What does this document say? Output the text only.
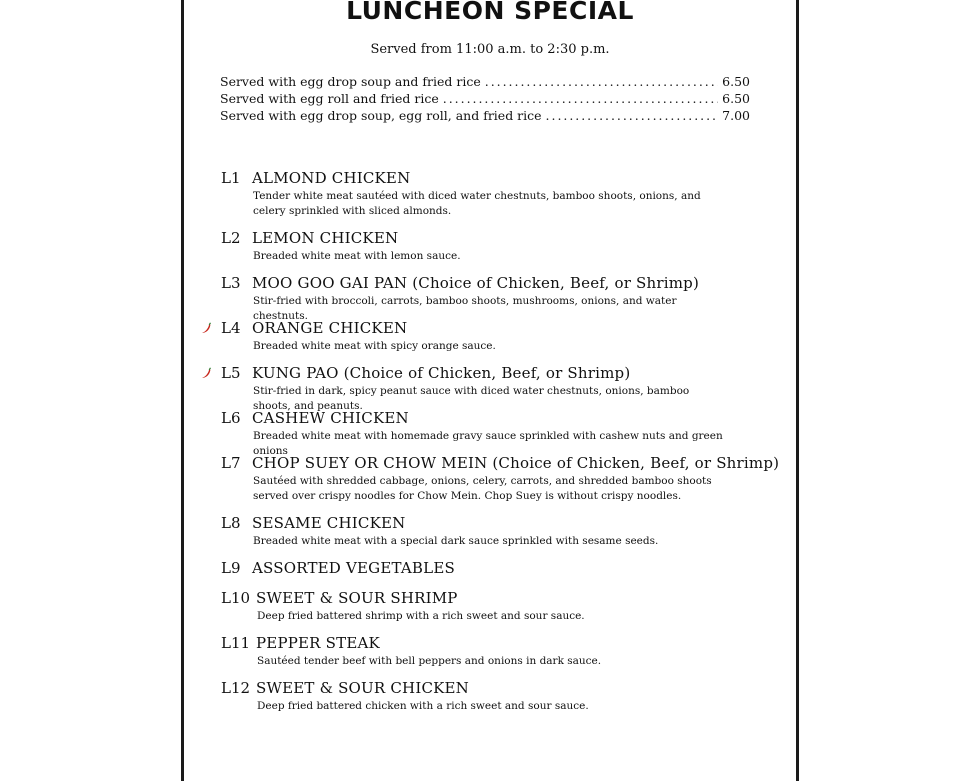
LUNCHEON SPECIAL
Served from 11:00 a.m. to 2:30 p.m.
Served with egg drop soup and fried rice . . .	6.50
Served with egg roll and fried rice . . .	6.50
Served with egg drop soup, egg roll, and fried rice . . .	7.00
L1 ALMOND CHICKEN
Tender white meat sautéed with diced water chestnuts, bamboo shoots, onions, and celery sprinkled with sliced almonds.
L2 LEMON CHICKEN
Breaded white meat with lemon sauce.
L3 MOO GOO GAI PAN (Choice of Chicken, Beef, or Shrimp)
Stir-fried with broccoli, carrots, bamboo shoots, mushrooms, onions, and water chestnuts.
L4 ORANGE CHICKEN
Breaded white meat with spicy orange sauce.
L5 KUNG PAO (Choice of Chicken, Beef, or Shrimp)
Stir-fried in dark, spicy peanut sauce with diced water chestnuts, onions, bamboo shoots, and peanuts.
L6 CASHEW CHICKEN
Breaded white meat with homemade gravy sauce sprinkled with cashew nuts and green onions
L7 CHOP SUEY OR CHOW MEIN (Choice of Chicken, Beef, or Shrimp)
Sautéed with shredded cabbage, onions, celery, carrots, and shredded bamboo shoots served over crispy noodles for Chow Mein. Chop Suey is without crispy noodles.
L8 SESAME CHICKEN
Breaded white meat with a special dark sauce sprinkled with sesame seeds.
L9 ASSORTED VEGETABLES
L10 SWEET & SOUR SHRIMP
Deep fried battered shrimp with a rich sweet and sour sauce.
L11 PEPPER STEAK
Sautéed tender beef with bell peppers and onions in dark sauce.
L12 SWEET & SOUR CHICKEN
Deep fried battered chicken with a rich sweet and sour sauce.
